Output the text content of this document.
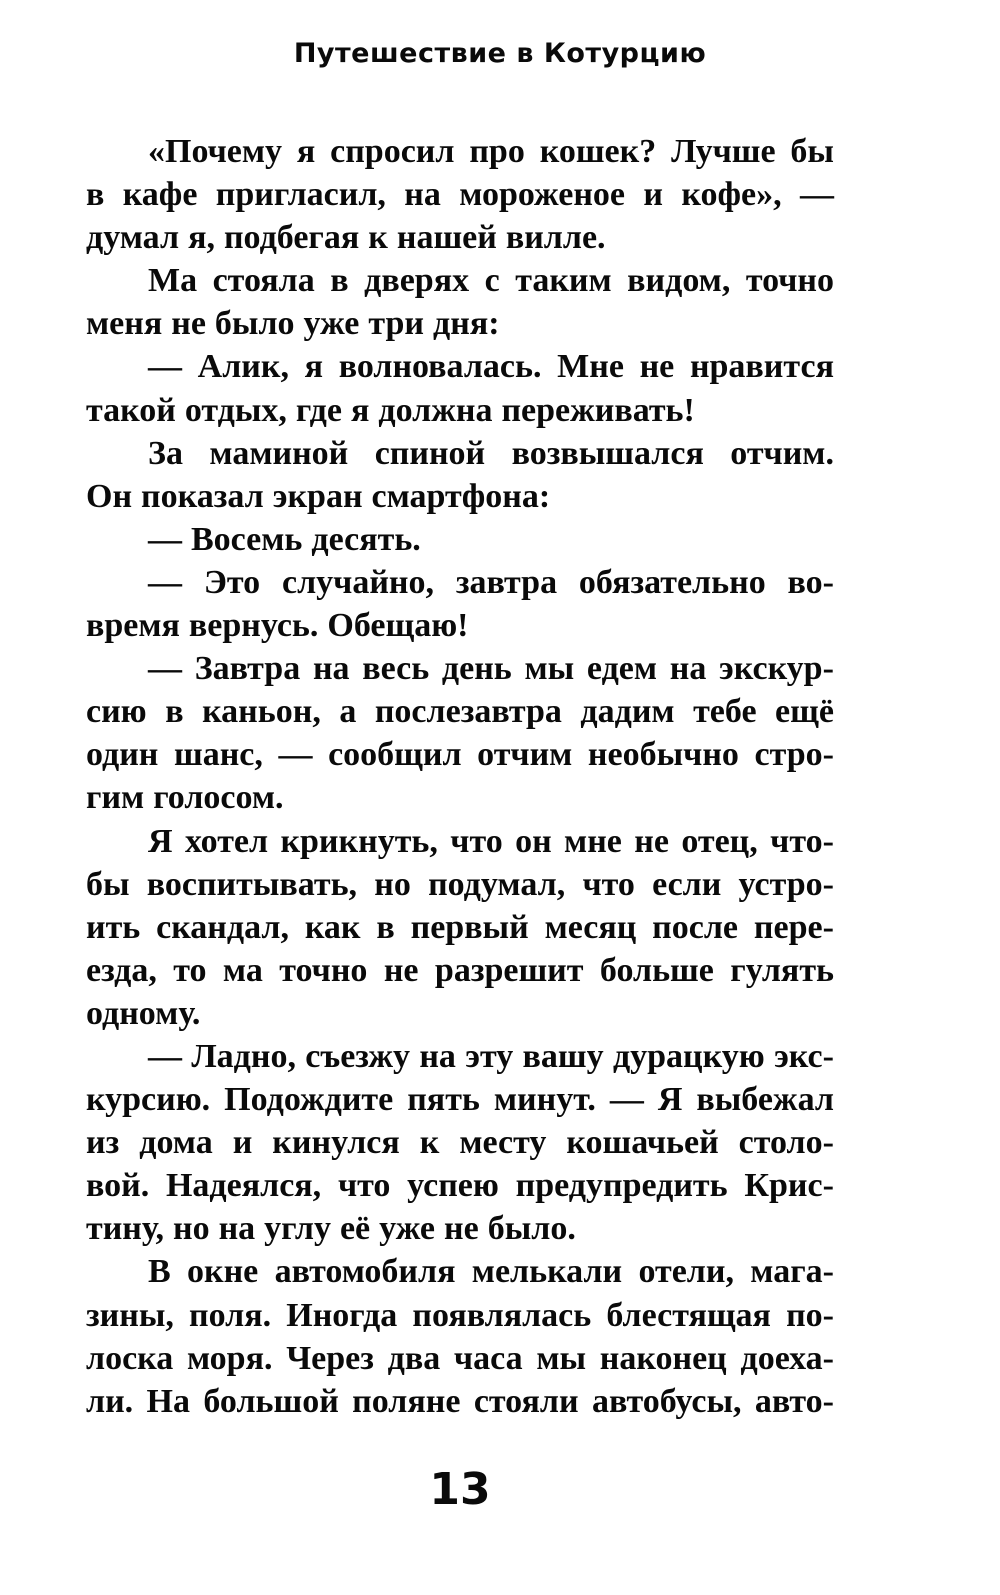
Путешествие в Котурцию
«Почему я спросил про кошек? Лучше бы
в кафе пригласил, на мороженое и кофе», —
думал я, подбегая к нашей вилле.
Ма стояла в дверях с таким видом, точно
меня не было уже три дня:
— Алик, я волновалась. Мне не нравится
такой отдых, где я должна переживать!
За маминой спиной возвышался отчим.
Он показал экран смартфона:
— Восемь десять.
— Это случайно, завтра обязательно во-
время вернусь. Обещаю!
— Завтра на весь день мы едем на экскур-
сию в каньон, а послезавтра дадим тебе ещё
один шанс, — сообщил отчим необычно стро-
гим голосом.
Я хотел крикнуть, что он мне не отец, что-
бы воспитывать, но подумал, что если устро-
ить скандал, как в первый месяц после пере-
езда, то ма точно не разрешит больше гулять
одному.
— Ладно, съезжу на эту вашу дурацкую экс-
курсию. Подождите пять минут. — Я выбежал
из дома и кинулся к месту кошачьей столо-
вой. Надеялся, что успею предупредить Крис-
тину, но на углу её уже не было.
В окне автомобиля мелькали отели, мага-
зины, поля. Иногда появлялась блестящая по-
лоска моря. Через два часа мы наконец доеха-
ли. На большой поляне стояли автобусы, авто-
13
